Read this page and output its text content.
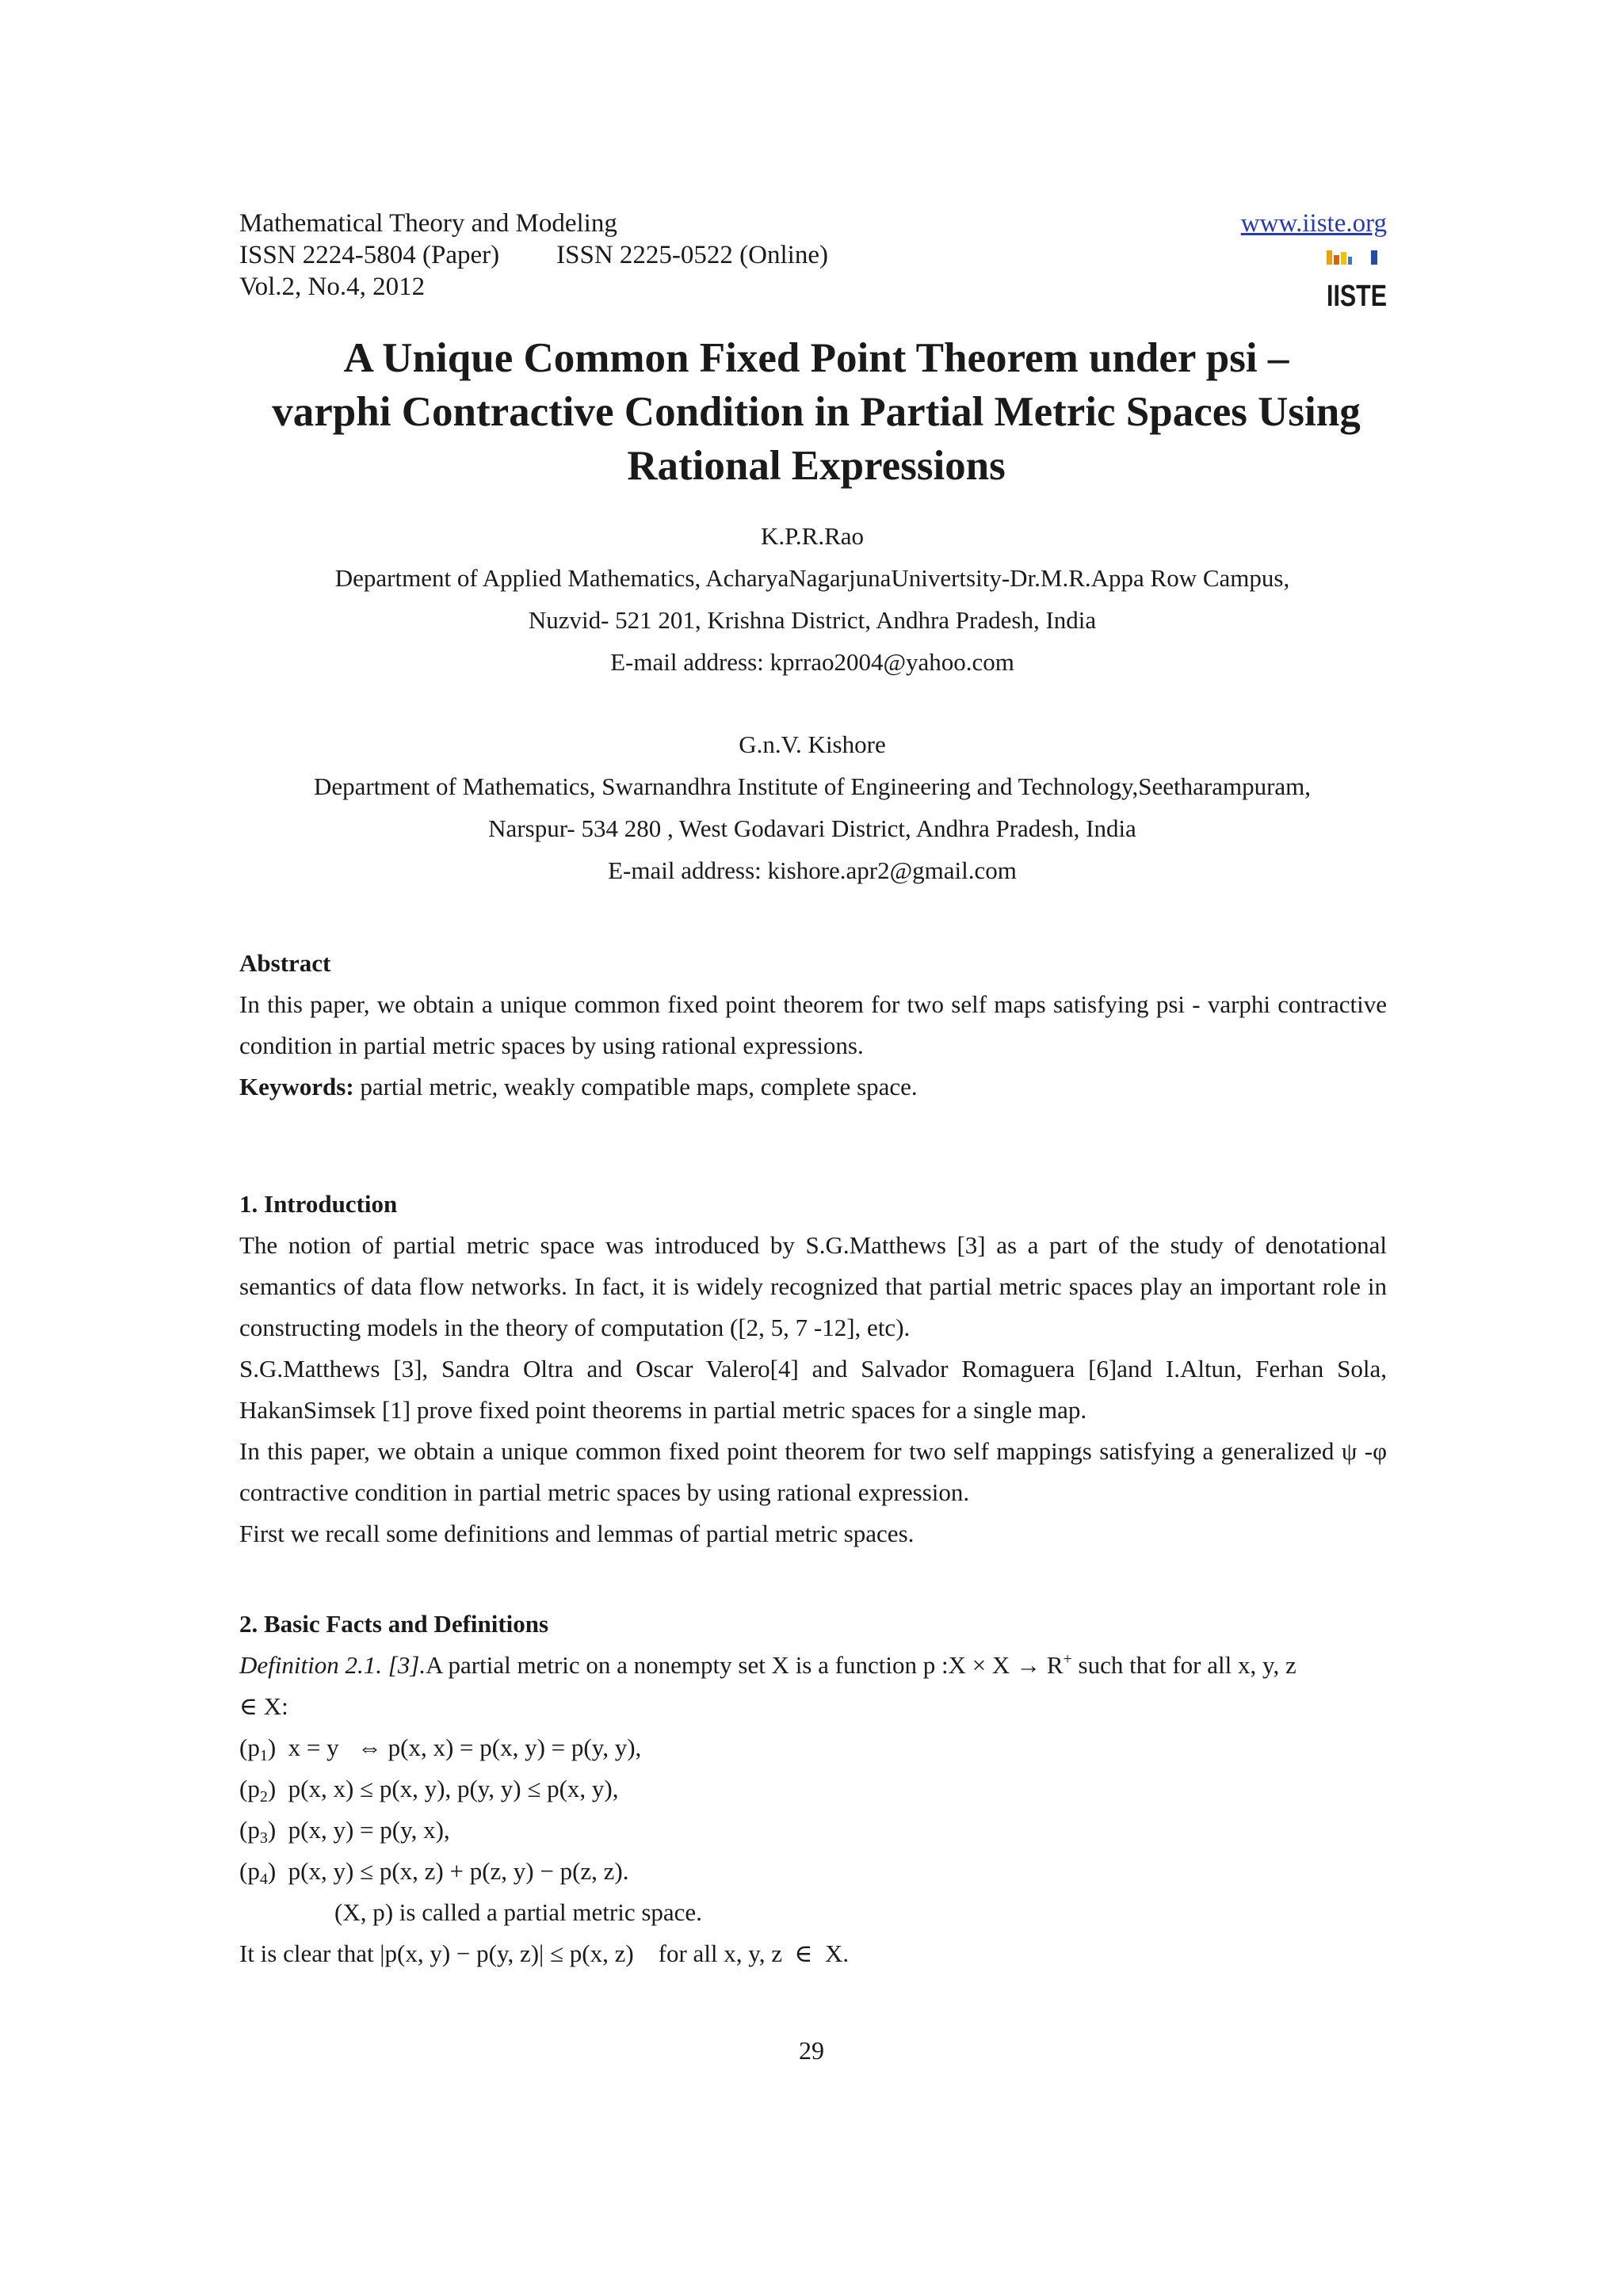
Mathematical Theory and Modeling
ISSN 2224-5804 (Paper) ISSN 2225-0522 (Online)
Vol.2, No.4, 2012
www.iiste.org
IISTE
A Unique Common Fixed Point Theorem under psi –
varphi Contractive Condition in Partial Metric Spaces Using
Rational Expressions
K.P.R.Rao
Department of Applied Mathematics, AcharyaNagarjunaUnivertsity-Dr.M.R.Appa Row Campus,
Nuzvid- 521 201, Krishna District, Andhra Pradesh, India
E-mail address: kprrao2004@yahoo.com
G.n.V. Kishore
Department of Mathematics, Swarnandhra Institute of Engineering and Technology,Seetharampuram,
Narspur- 534 280 , West Godavari District, Andhra Pradesh, India
E-mail address: kishore.apr2@gmail.com
Abstract
In this paper, we obtain a unique common fixed point theorem for two self maps satisfying psi - varphi contractive condition in partial metric spaces by using rational expressions.
Keywords: partial metric, weakly compatible maps, complete space.
1. Introduction
The notion of partial metric space was introduced by S.G.Matthews [3] as a part of the study of denotational semantics of data flow networks. In fact, it is widely recognized that partial metric spaces play an important role in constructing models in the theory of computation ([2, 5, 7 -12], etc).
S.G.Matthews [3], Sandra Oltra and Oscar Valero[4] and Salvador Romaguera [6]and I.Altun, Ferhan Sola, HakanSimsek [1] prove fixed point theorems in partial metric spaces for a single map.
In this paper, we obtain a unique common fixed point theorem for two self mappings satisfying a generalized ψ -φ contractive condition in partial metric spaces by using rational expression.
First we recall some definitions and lemmas of partial metric spaces.
2. Basic Facts and Definitions
Definition 2.1. [3].A partial metric on a nonempty set X is a function p :X × X → R+ such that for all x, y, z
∈ X:
$(p_1) x = y$   ⇔ p(x, x) = p(x, y) = p(y, y),
$(p_2)$  p(x, x) ≤ p(x, y), p(y, y) ≤ p(x, y),
$(p_3)$  p(x, y) = p(y, x),
$(p_4)$  p(x, y) ≤ p(x, z) + p(z, y) − p(z, z).
(X, p) is called a partial metric space.
It is clear that |p(x, y) − p(y, z)| ≤ p(x, z)    for all x, y, z  ∈  X.
29
